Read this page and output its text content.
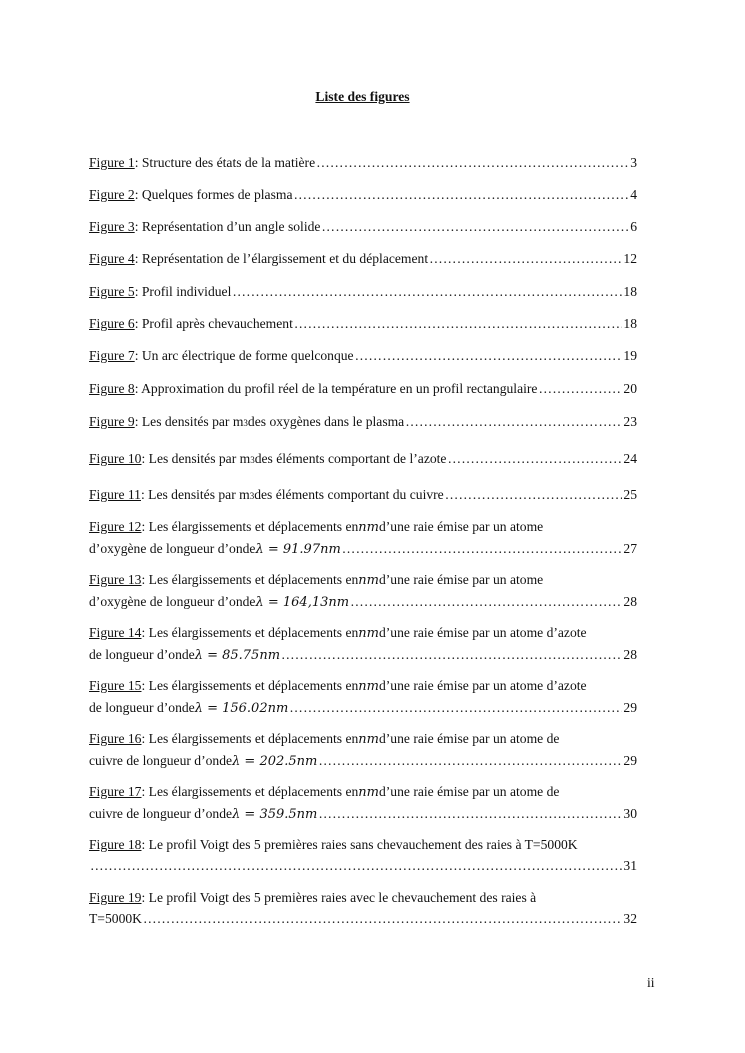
Liste des figures
Figure 1 : Structure des états de la matière ……………………………………………………………………………………………………………………………………………………………………	3
Figure 2 : Quelques formes de plasma ……………………………………………………………………………………………………………………………………………………………………	4
Figure 3 : Représentation d’un angle solide ……………………………………………………………………………………………………………………………………………………………………	6
Figure 4 : Représentation de l’élargissement et du déplacement ……………………………………………………………………………………………………………………………………………………………………	12
Figure 5 : Profil individuel ……………………………………………………………………………………………………………………………………………………………………	18
Figure 6 : Profil après chevauchement ……………………………………………………………………………………………………………………………………………………………………	18
Figure 7 : Un arc électrique de forme quelconque ……………………………………………………………………………………………………………………………………………………………………	19
Figure 8 : Approximation du profil réel de la température en un profil rectangulaire ……………………………………………………………………………………………………………………………………………………………………	20
Figure 9 : Les densités par m 3 des oxygènes dans le plasma ……………………………………………………………………………………………………………………………………………………………………	23
Figure 10 : Les densités par m 3 des éléments comportant de l’azote ……………………………………………………………………………………………………………………………………………………………………	24
Figure 11 : Les densités par m 3 des éléments comportant du cuivre ……………………………………………………………………………………………………………………………………………………………………	25
Figure 12 : Les élargissements et déplacements en nm d’une raie émise par un atome
d’oxygène de longueur d’onde λ = 91.97nm ……………………………………………………………………………………………………………………………………………………………………	27
Figure 13 : Les élargissements et déplacements en nm d’une raie émise par un atome
d’oxygène de longueur d’onde λ = 164,13nm ……………………………………………………………………………………………………………………………………………………………………	28
Figure 14 : Les élargissements et déplacements en nm d’une raie émise par un atome d’azote
de longueur d’onde λ = 85.75nm ……………………………………………………………………………………………………………………………………………………………………	28
Figure 15 : Les élargissements et déplacements en nm d’une raie émise par un atome d’azote
de longueur d’onde λ = 156.02nm ……………………………………………………………………………………………………………………………………………………………………	29
Figure 16 : Les élargissements et déplacements en nm d’une raie émise par un atome de
cuivre de longueur d’onde λ = 202.5nm ……………………………………………………………………………………………………………………………………………………………………	29
Figure 17 : Les élargissements et déplacements en nm d’une raie émise par un atome de
cuivre de longueur d’onde λ = 359.5nm ……………………………………………………………………………………………………………………………………………………………………	30
Figure 18 : Le profil Voigt des 5 premières raies sans chevauchement des raies à T=5000K
……………………………………………………………………………………………………………………………………………………………………
31
Figure 19 : Le profil Voigt des 5 premières raies avec le chevauchement des raies à
T=5000K ……………………………………………………………………………………………………………………………………………………………………	32
ii
